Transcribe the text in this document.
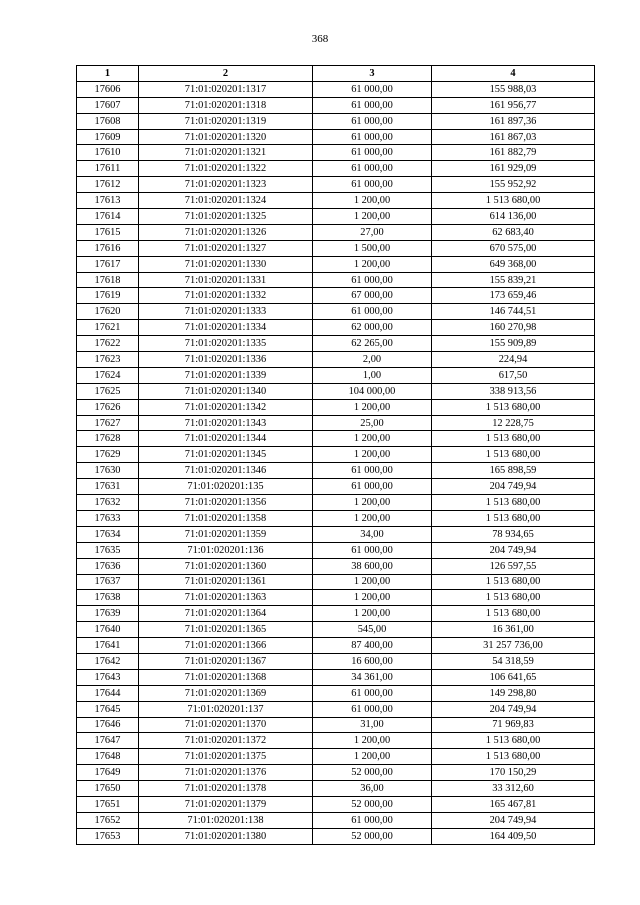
368
1	2	3	4
17606	71:01:020201:1317	61 000,00	155 988,03
17607	71:01:020201:1318	61 000,00	161 956,77
17608	71:01:020201:1319	61 000,00	161 897,36
17609	71:01:020201:1320	61 000,00	161 867,03
17610	71:01:020201:1321	61 000,00	161 882,79
17611	71:01:020201:1322	61 000,00	161 929,09
17612	71:01:020201:1323	61 000,00	155 952,92
17613	71:01:020201:1324	1 200,00	1 513 680,00
17614	71:01:020201:1325	1 200,00	614 136,00
17615	71:01:020201:1326	27,00	62 683,40
17616	71:01:020201:1327	1 500,00	670 575,00
17617	71:01:020201:1330	1 200,00	649 368,00
17618	71:01:020201:1331	61 000,00	155 839,21
17619	71:01:020201:1332	67 000,00	173 659,46
17620	71:01:020201:1333	61 000,00	146 744,51
17621	71:01:020201:1334	62 000,00	160 270,98
17622	71:01:020201:1335	62 265,00	155 909,89
17623	71:01:020201:1336	2,00	224,94
17624	71:01:020201:1339	1,00	617,50
17625	71:01:020201:1340	104 000,00	338 913,56
17626	71:01:020201:1342	1 200,00	1 513 680,00
17627	71:01:020201:1343	25,00	12 228,75
17628	71:01:020201:1344	1 200,00	1 513 680,00
17629	71:01:020201:1345	1 200,00	1 513 680,00
17630	71:01:020201:1346	61 000,00	165 898,59
17631	71:01:020201:135	61 000,00	204 749,94
17632	71:01:020201:1356	1 200,00	1 513 680,00
17633	71:01:020201:1358	1 200,00	1 513 680,00
17634	71:01:020201:1359	34,00	78 934,65
17635	71:01:020201:136	61 000,00	204 749,94
17636	71:01:020201:1360	38 600,00	126 597,55
17637	71:01:020201:1361	1 200,00	1 513 680,00
17638	71:01:020201:1363	1 200,00	1 513 680,00
17639	71:01:020201:1364	1 200,00	1 513 680,00
17640	71:01:020201:1365	545,00	16 361,00
17641	71:01:020201:1366	87 400,00	31 257 736,00
17642	71:01:020201:1367	16 600,00	54 318,59
17643	71:01:020201:1368	34 361,00	106 641,65
17644	71:01:020201:1369	61 000,00	149 298,80
17645	71:01:020201:137	61 000,00	204 749,94
17646	71:01:020201:1370	31,00	71 969,83
17647	71:01:020201:1372	1 200,00	1 513 680,00
17648	71:01:020201:1375	1 200,00	1 513 680,00
17649	71:01:020201:1376	52 000,00	170 150,29
17650	71:01:020201:1378	36,00	33 312,60
17651	71:01:020201:1379	52 000,00	165 467,81
17652	71:01:020201:138	61 000,00	204 749,94
17653	71:01:020201:1380	52 000,00	164 409,50
